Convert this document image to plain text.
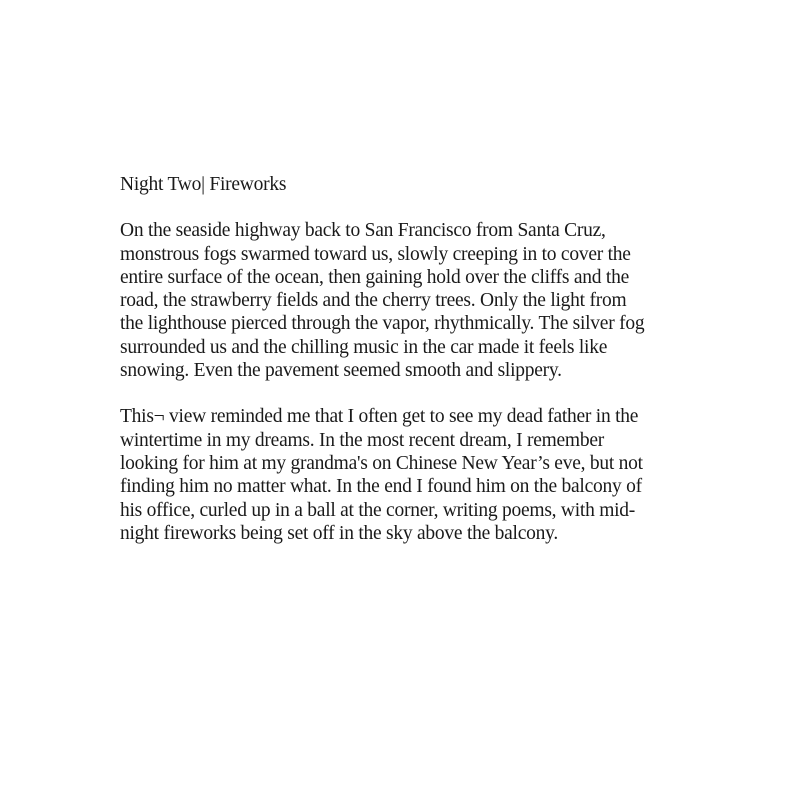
Night Two| Fireworks

On the seaside highway back to San Francisco from Santa Cruz,
monstrous fogs swarmed toward us, slowly creeping in to cover the
entire surface of the ocean, then gaining hold over the cliffs and the
road, the strawberry fields and the cherry trees. Only the light from
the lighthouse pierced through the vapor, rhythmically. The silver fog
surrounded us and the chilling music in the car made it feels like
snowing. Even the pavement seemed smooth and slippery.

This¬ view reminded me that I often get to see my dead father in the
wintertime in my dreams. In the most recent dream, I remember
looking for him at my grandma's on Chinese New Year’s eve, but not
finding him no matter what. In the end I found him on the balcony of
his office, curled up in a ball at the corner, writing poems, with mid-
night fireworks being set off in the sky above the balcony.
